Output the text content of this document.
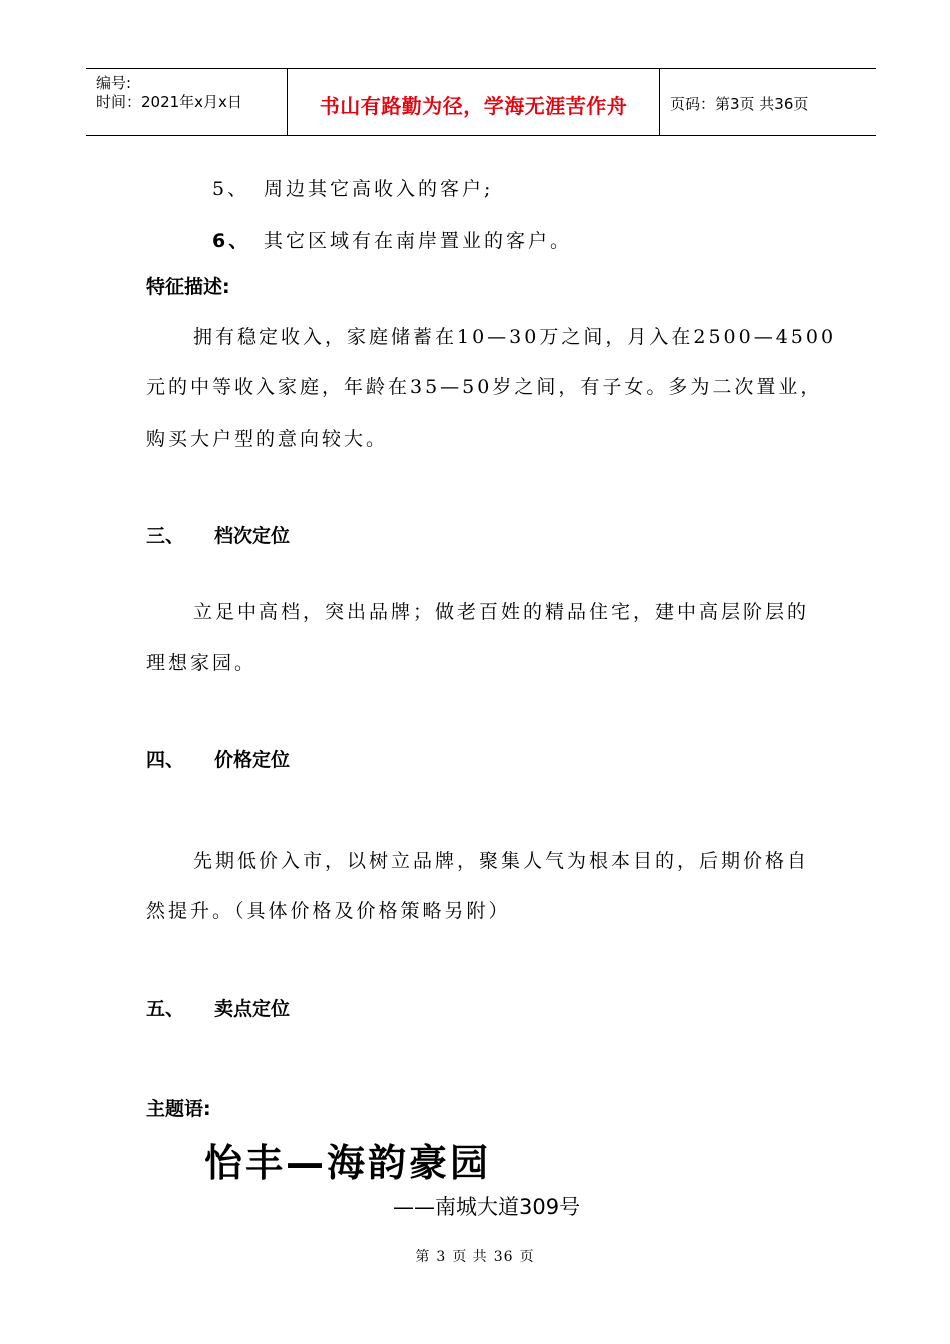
编号:
时间：2021年x月x日	书山有路勤为径，学海无涯苦作舟	页码：第3页 共36页
5、 周边其它高收入的客户;
6、 其它区域有在南岸置业的客户。
特征描述:
拥有稳定收入，家庭储蓄在10—30万之间，月入在2500—4500
元的中等收入家庭，年龄在35—50岁之间，有子女。多为二次置业，
购买大户型的意向较大。
三、 档次定位
立足中高档，突出品牌；做老百姓的精品住宅，建中高层阶层的
理想家园。
四、 价格定位
先期低价入市，以树立品牌，聚集人气为根本目的，后期价格自
然提升。（具体价格及价格策略另附）
五、 卖点定位
主题语:
怡丰—海韵豪园
——南城大道309号
第 3 页 共 36 页
